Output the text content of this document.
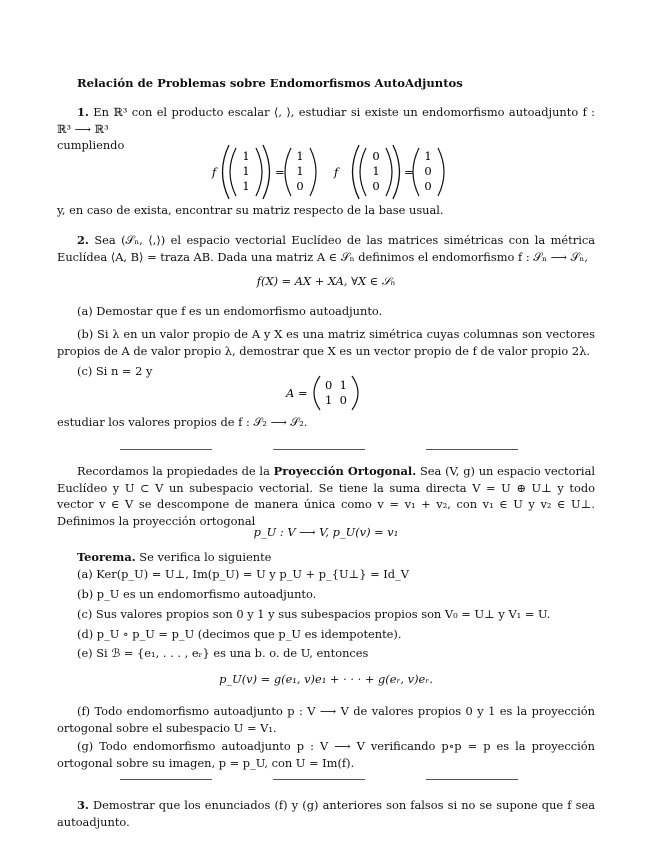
Relación de Problemas sobre Endomorfismos AutoAdjuntos
1. En ℝ³ con el producto escalar ⟨, ⟩, estudiar si existe un endomorfismo autoadjunto f : ℝ³ ⟶ ℝ³
cumpliendo
f
1
1
1
=
1
1
0
f
0
1
0
=
1
0
0
y, en caso de exista, encontrar su matriz respecto de la base usual.
2. Sea (𝒮ₙ, ⟨,⟩) el espacio vectorial Euclídeo de las matrices simétricas con la métrica Euclídea ⟨A, B⟩ = traza AB. Dada una matriz A ∈ 𝒮ₙ definimos el endomorfismo f : 𝒮ₙ ⟶ 𝒮ₙ,
f(X) = AX + XA, ∀X ∈ 𝒮ₙ
(a) Demostar que f es un endomorfismo autoadjunto.
(b) Si λ en un valor propio de A y X es una matriz simétrica cuyas columnas son vectores propios de A de valor propio λ, demostrar que X es un vector propio de f de valor propio 2λ.
(c) Si n = 2 y
A =
0  1
1  0
estudiar los valores propios de f : 𝒮₂ ⟶ 𝒮₂.
Recordamos la propiedades de la Proyección Ortogonal. Sea (V, g) un espacio vectorial Euclídeo y U ⊂ V un subespacio vectorial. Se tiene la suma directa V = U ⊕ U⊥ y todo vector v ∈ V se descompone de manera única como v = v₁ + v₂, con v₁ ∈ U y v₂ ∈ U⊥. Definimos la proyección ortogonal
p_U : V ⟶ V, p_U(v) = v₁
Teorema. Se verifica lo siguiente
(a) Ker(p_U) = U⊥, Im(p_U) = U y p_U + p_{U⊥} = Id_V
(b) p_U es un endomorfismo autoadjunto.
(c) Sus valores propios son 0 y 1 y sus subespacios propios son V₀ = U⊥ y V₁ = U.
(d) p_U ∘ p_U = p_U (decimos que p_U es idempotente).
(e) Si ℬ = {e₁, . . . , eᵣ} es una b. o. de U, entonces
p_U(v) = g(e₁, v)e₁ + · · · + g(eᵣ, v)eᵣ.
(f) Todo endomorfismo autoadjunto p : V ⟶ V de valores propios 0 y 1 es la proyección ortogonal sobre el subespacio U = V₁.
(g) Todo endomorfismo autoadjunto p : V ⟶ V verificando p∘p = p es la proyección ortogonal sobre su imagen, p = p_U, con U = Im(f).
3. Demostrar que los enunciados (f) y (g) anteriores son falsos si no se supone que f sea autoadjunto.
